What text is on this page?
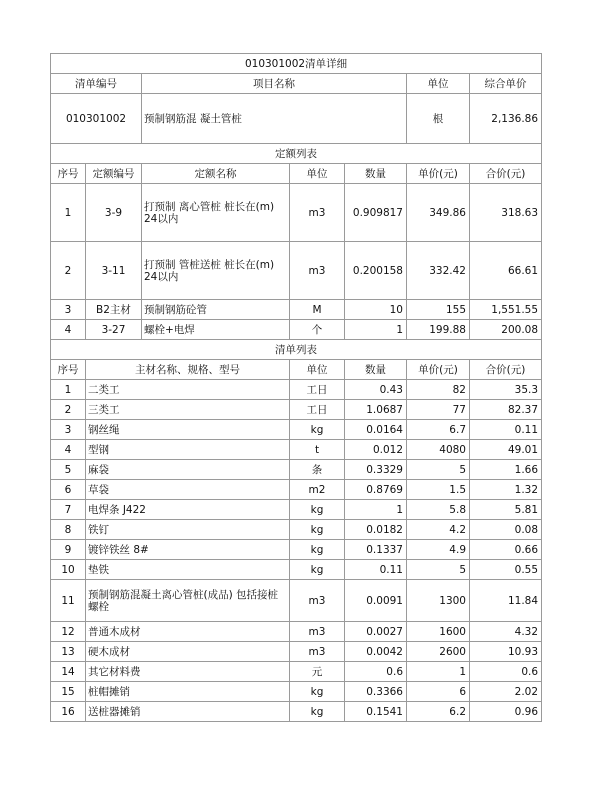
010301002清单详细						
清单编号		项目名称			单位	综合单价
010301002		预制钢筋混 凝土管桩			根	2,136.86
定额列表						
序号	定额编号	定额名称	单位	数量	单价(元)	合价(元)
1	3-9	打预制 离心管桩 桩长在(m) 24以内	m3	0.909817	349.86	318.63
2	3-11	打预制 管桩送桩 桩长在(m) 24以内	m3	0.200158	332.42	66.61
3	B2主材	预制钢筋砼管	M	10	155	1,551.55
4	3-27	螺栓+电焊	个	1	199.88	200.08
清单列表						
序号	主材名称、规格、型号		单位	数量	单价(元)	合价(元)
1	二类工		工日	0.43	82	35.3
2	三类工		工日	1.0687	77	82.37
3	钢丝绳		kg	0.0164	6.7	0.11
4	型钢		t	0.012	4080	49.01
5	麻袋		条	0.3329	5	1.66
6	草袋		m2	0.8769	1.5	1.32
7	电焊条 J422		kg	1	5.8	5.81
8	铁钉		kg	0.0182	4.2	0.08
9	镀锌铁丝 8#		kg	0.1337	4.9	0.66
10	垫铁		kg	0.11	5	0.55
11	预制钢筋混凝土离心管桩(成品) 包括接桩螺栓		m3	0.0091	1300	11.84
12	普通木成材		m3	0.0027	1600	4.32
13	硬木成材		m3	0.0042	2600	10.93
14	其它材料费		元	0.6	1	0.6
15	桩帽摊销		kg	0.3366	6	2.02
16	送桩器摊销		kg	0.1541	6.2	0.96
